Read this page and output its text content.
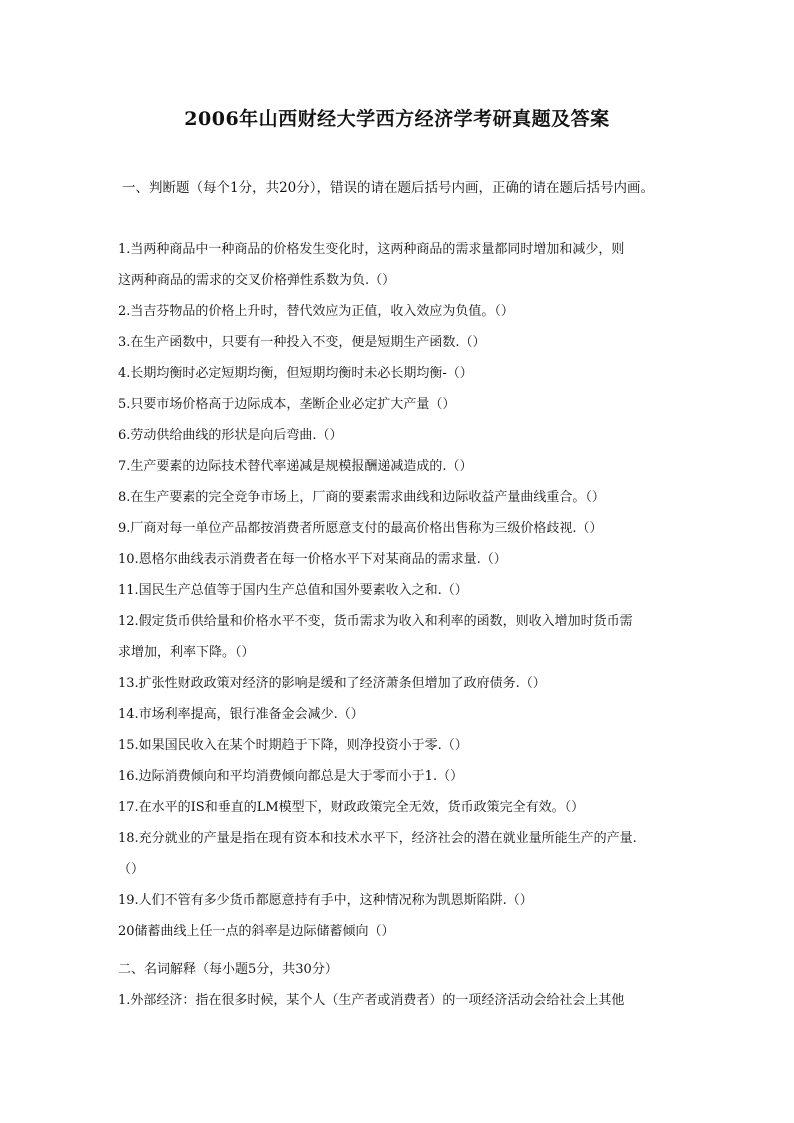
2006年山西财经大学西方经济学考研真题及答案
一、判断题（每个1分，共20分），错误的请在题后括号内画，正确的请在题后括号内画。
1.当两种商品中一种商品的价格发生变化时，这两种商品的需求量都同时增加和减少，则
这两种商品的需求的交叉价格弹性系数为负.（）
2.当吉芬物品的价格上升时，替代效应为正值，收入效应为负值。（）
3.在生产函数中，只要有一种投入不变，便是短期生产函数.（）
4.长期均衡时必定短期均衡，但短期均衡时未必长期均衡-（）
5.只要市场价格高于边际成本，垄断企业必定扩大产量（）
6.劳动供给曲线的形状是向后弯曲.（）
7.生产要素的边际技术替代率递减是规模报酬递减造成的.（）
8.在生产要素的完全竞争市场上，厂商的要素需求曲线和边际收益产量曲线重合。（）
9.厂商对每一单位产品都按消费者所愿意支付的最高价格出售称为三级价格歧视.（）
10.恩格尔曲线表示消费者在每一价格水平下对某商品的需求量.（）
11.国民生产总值等于国内生产总值和国外要素收入之和.（）
12.假定货币供给量和价格水平不变，货币需求为收入和利率的函数，则收入增加时货币需
求增加，利率下降。（）
13.扩张性财政政策对经济的影响是缓和了经济萧条但增加了政府债务.（）
14.市场利率提高，银行准备金会减少.（）
15.如果国民收入在某个时期趋于下降，则净投资小于零.（）
16.边际消费倾向和平均消费倾向都总是大于零而小于1.（）
17.在水平的IS和垂直的LM模型下，财政政策完全无效，货币政策完全有效。（）
18.充分就业的产量是指在现有资本和技术水平下，经济社会的潜在就业量所能生产的产量.
（）
19.人们不管有多少货币都愿意持有手中，这种情况称为凯恩斯陷阱.（）
20储蓄曲线上任一点的斜率是边际储蓄倾向（）
二、名词解释（每小题5分，共30分）
1.外部经济：指在很多时候，某个人（生产者或消费者）的一项经济活动会给社会上其他
